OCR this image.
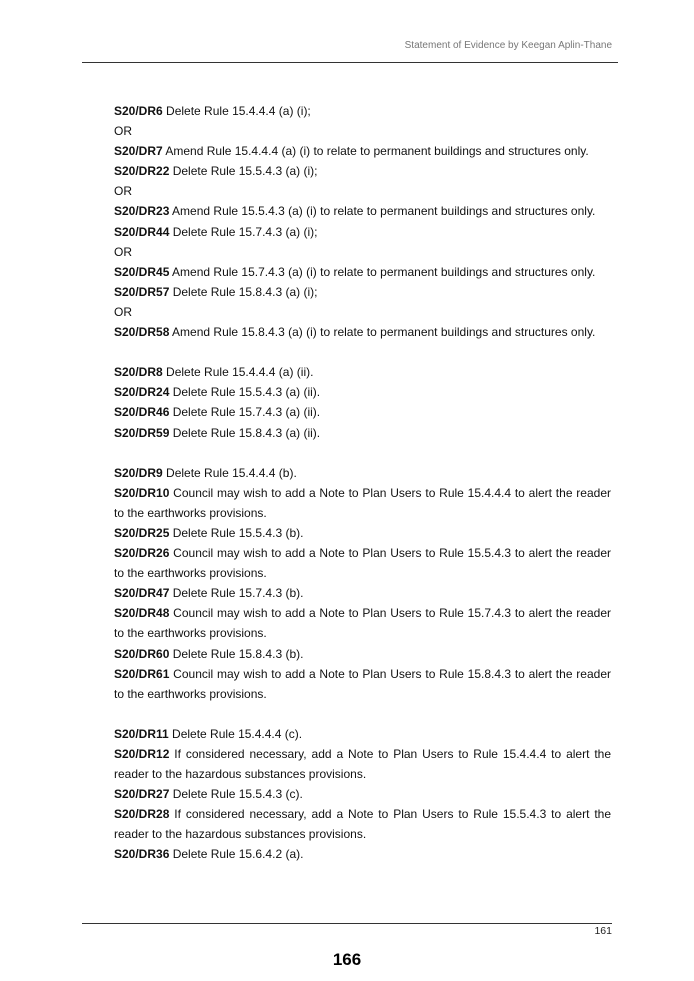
Statement of Evidence by Keegan Aplin-Thane

S20/DR6 Delete Rule 15.4.4.4 (a) (i);

OR

S20/DR7 Amend Rule 15.4.4.4 (a) (i) to relate to permanent buildings and structures only.

S20/DR22 Delete Rule 15.5.4.3 (a) (i);

OR

S20/DR23 Amend Rule 15.5.4.3 (a) (i) to relate to permanent buildings and structures only.

S20/DR44 Delete Rule 15.7.4.3 (a) (i);

OR

S20/DR45 Amend Rule 15.7.4.3 (a) (i) to relate to permanent buildings and structures only.

S20/DR57 Delete Rule 15.8.4.3 (a) (i);

OR

S20/DR58 Amend Rule 15.8.4.3 (a) (i) to relate to permanent buildings and structures only.

S20/DR8 Delete Rule 15.4.4.4 (a) (ii).

S20/DR24 Delete Rule 15.5.4.3 (a) (ii).

S20/DR46 Delete Rule 15.7.4.3 (a) (ii).

S20/DR59 Delete Rule 15.8.4.3 (a) (ii).

S20/DR9 Delete Rule 15.4.4.4 (b).

S20/DR10 Council may wish to add a Note to Plan Users to Rule 15.4.4.4 to alert the reader to the earthworks provisions.

S20/DR25 Delete Rule 15.5.4.3 (b).

S20/DR26 Council may wish to add a Note to Plan Users to Rule 15.5.4.3 to alert the reader to the earthworks provisions.

S20/DR47 Delete Rule 15.7.4.3 (b).

S20/DR48 Council may wish to add a Note to Plan Users to Rule 15.7.4.3 to alert the reader to the earthworks provisions.

S20/DR60 Delete Rule 15.8.4.3 (b).

S20/DR61 Council may wish to add a Note to Plan Users to Rule 15.8.4.3 to alert the reader to the earthworks provisions.

S20/DR11 Delete Rule 15.4.4.4 (c).

S20/DR12 If considered necessary, add a Note to Plan Users to Rule 15.4.4.4 to alert the reader to the hazardous substances provisions.

S20/DR27 Delete Rule 15.5.4.3 (c).

S20/DR28 If considered necessary, add a Note to Plan Users to Rule 15.5.4.3 to alert the reader to the hazardous substances provisions.

S20/DR36 Delete Rule 15.6.4.2 (a).

161
166
